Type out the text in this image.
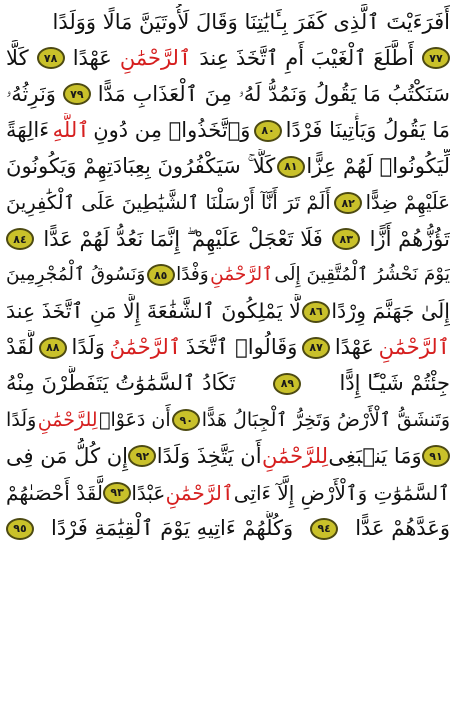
أَفَرَءَيْتَ ٱلَّذِى كَفَرَ بِـَٔايَٰتِنَا وَقَالَ لَأُوتَيَنَّ مَالًا وَوَلَدًا
٧٧
أَطَّلَعَ ٱلْغَيْبَ أَمِ ٱتَّخَذَ عِندَ
ٱلرَّحْمَٰنِ
عَهْدًا
٧٨
كَلَّا
سَنَكْتُبُ مَا يَقُولُ وَنَمُدُّ لَهُۥ مِنَ ٱلْعَذَابِ مَدًّا
٧٩
وَنَرِثُهُۥ
مَا يَقُولُ وَيَأْتِينَا فَرْدًا
٨٠
وَٱتَّخَذُوا۟ مِن دُونِ
ٱللَّهِ
ءَالِهَةً
لِّيَكُونُوا۟ لَهُمْ عِزًّا
٨١
كَلَّا ۚ سَيَكْفُرُونَ بِعِبَادَتِهِمْ وَيَكُونُونَ
عَلَيْهِمْ ضِدًّا
٨٢
أَلَمْ تَرَ أَنَّآ أَرْسَلْنَا ٱلشَّيَٰطِينَ عَلَى ٱلْكَٰفِرِينَ
تَؤُزُّهُمْ أَزًّا
٨٣
فَلَا تَعْجَلْ عَلَيْهِمْ ۖ إِنَّمَا نَعُدُّ لَهُمْ عَدًّا
٨٤
يَوْمَ نَحْشُرُ ٱلْمُتَّقِينَ إِلَى
ٱلرَّحْمَٰنِ
وَفْدًا
٨٥
وَنَسُوقُ ٱلْمُجْرِمِينَ
إِلَىٰ جَهَنَّمَ وِرْدًا
٨٦
لَّا يَمْلِكُونَ ٱلشَّفَٰعَةَ إِلَّا مَنِ ٱتَّخَذَ عِندَ
ٱلرَّحْمَٰنِ
عَهْدًا
٨٧
وَقَالُوا۟ ٱتَّخَذَ
ٱلرَّحْمَٰنُ
وَلَدًا
٨٨
لَّقَدْ
جِئْتُمْ شَيْـًٔا إِدًّا
٨٩
تَكَادُ ٱلسَّمَٰوَٰتُ يَتَفَطَّرْنَ مِنْهُ
وَتَنشَقُّ ٱلْأَرْضُ وَتَخِرُّ ٱلْجِبَالُ هَدًّا
٩٠
أَن دَعَوْا۟
لِلرَّحْمَٰنِ
وَلَدًا
٩١
وَمَا يَنۢبَغِى
لِلرَّحْمَٰنِ
أَن يَتَّخِذَ وَلَدًا
٩٢
إِن كُلُّ مَن فِى
ٱلسَّمَٰوَٰتِ وَٱلْأَرْضِ إِلَّآ ءَاتِى
ٱلرَّحْمَٰنِ
عَبْدًا
٩٣
لَّقَدْ أَحْصَىٰهُمْ
وَعَدَّهُمْ عَدًّا
٩٤
وَكُلُّهُمْ ءَاتِيهِ يَوْمَ ٱلْقِيَٰمَةِ فَرْدًا
٩٥
